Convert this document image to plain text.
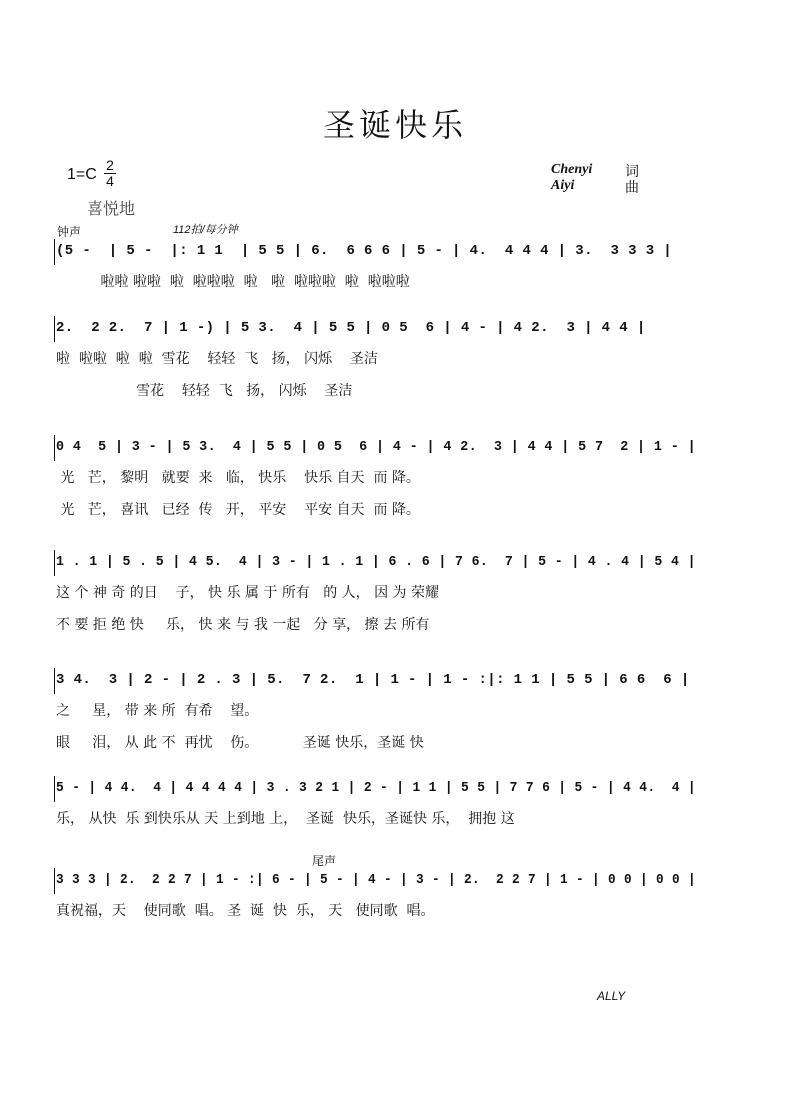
圣诞快乐
1=C
2
4
喜悦地
Chenyi 词
Aiyi	曲
钟声	112拍/每分钟
尾声
(5 -  | 5 -  |: 1 1  | 5 5 | 6.  6 6 6 | 5 - | 4.  4 4 4 | 3.  3 3 3 |
啦啦 啦啦  啦  啦啦啦  啦   啦  啦啦啦  啦  啦啦啦
2.  2 2.  7 | 1 -) | 5 3.  4 | 5 5 | 0 5  6 | 4 - | 4 2.  3 | 4 4 |
啦  啦啦  啦  啦  雪花    轻轻  飞   扬， 闪烁    圣洁
雪花    轻轻  飞   扬， 闪烁    圣洁
0 4  5 | 3 - | 5 3.  4 | 5 5 | 0 5  6 | 4 - | 4 2.  3 | 4 4 | 5 7  2 | 1 - |
光   芒， 黎明   就要  来   临， 快乐    快乐 自天  而 降。
光   芒， 喜讯   已经  传   开， 平安    平安 自天  而 降。
1 . 1 | 5 . 5 | 4 5.  4 | 3 - | 1 . 1 | 6 . 6 | 7 6.  7 | 5 - | 4 . 4 | 5 4 |
这 个 神 奇 的日    子， 快 乐 属 于 所有   的 人， 因 为 荣耀
不 要 拒 绝 快     乐， 快 来 与 我 一起   分 享， 擦 去 所有
3 4.  3 | 2 - | 2 . 3 | 5.  7 2.  1 | 1 - | 1 - :|: 1 1 | 5 5 | 6 6  6 |
之     星， 带 来 所  有希    望。
眼     泪， 从 此 不  再忧    伤。          圣诞 快乐，圣诞 快
5 - | 4 4.  4 | 4 4 4 4 | 3 . 3 2 1 | 2 - | 1 1 | 5 5 | 7 7 6 | 5 - | 4 4.  4 |
乐， 从快  乐 到快乐从 天 上到地 上，  圣诞  快乐，圣诞快 乐，  拥抱 这
3 3 3 | 2.  2 2 7 | 1 - :| 6 - | 5 - | 4 - | 3 - | 2.  2 2 7 | 1 - | 0 0 | 0 0 |
真祝福，天    使同歌  唱。 圣  诞  快  乐， 天   使同歌  唱。
ALLY
